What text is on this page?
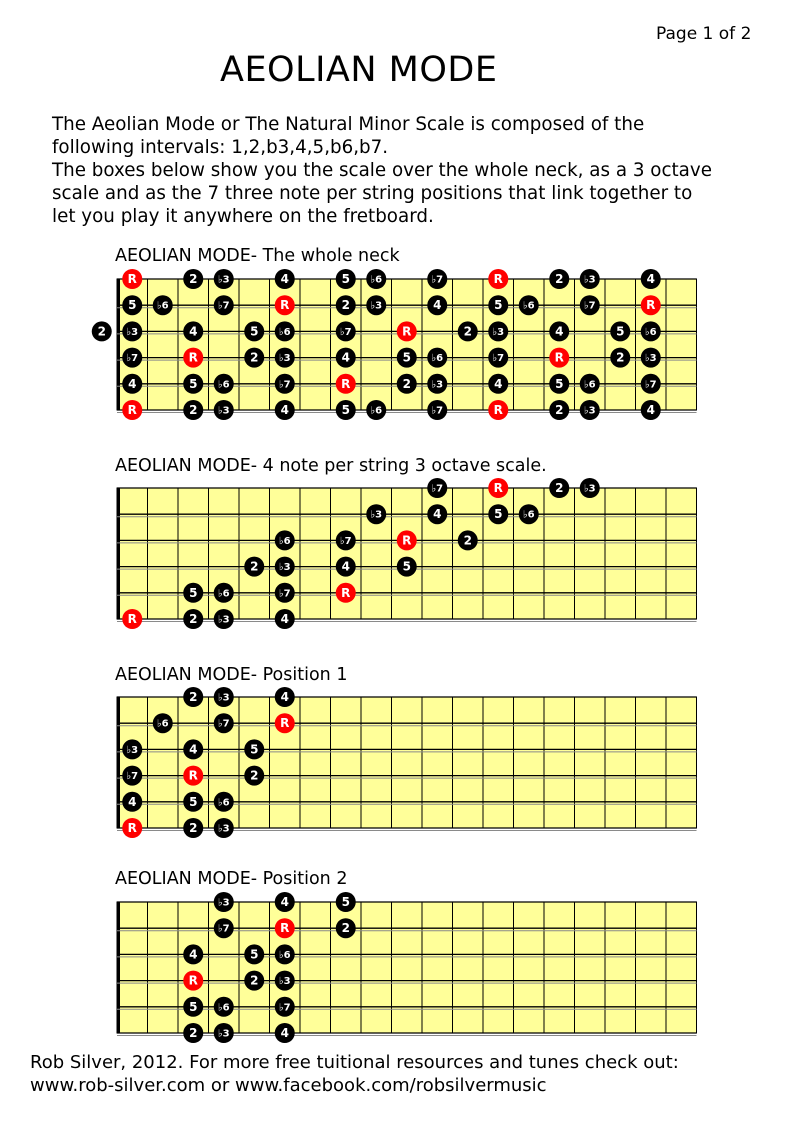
Page 1 of 2
AEOLIAN MODE
The Aeolian Mode or The Natural Minor Scale is composed of the
following intervals: 1,2,b3,4,5,b6,b7.
The boxes below show you the scale over the whole neck, as a 3 octave
scale and as the 7 three note per string positions that link together to
let you play it anywhere on the fretboard.
AEOLIAN MODE- The whole neck
AEOLIAN MODE- 4 note per string 3 octave scale.
AEOLIAN MODE- Position 1
AEOLIAN MODE- Position 2
R	2 ♭3	4	5 ♭6	♭7	R	2 ♭3	4
5 ♭6	♭7	R	2 ♭3	4	5 ♭6	♭7	R
2 ♭3	4	5 ♭6	♭7	R	2 ♭3	4	5 ♭6
♭7	R	2 ♭3	4	5 ♭6	♭7	R	2 ♭3
4	5 ♭6	♭7	R	2 ♭3	4	5 ♭6	♭7
R	2 ♭3	4	5 ♭6	♭7	R	2 ♭3	4
♭7	R	2 ♭3
♭3	4	5 ♭6
♭6	♭7	R	2
2 ♭3	4	5
5 ♭6	♭7	R
R	2 ♭3	4
2 ♭3	4
♭6	♭7	R
♭3	4	5
♭7	R	2
4	5 ♭6
R	2 ♭3
♭3	4	5
♭7	R	2
4	5 ♭6
R	2 ♭3
5 ♭6	♭7
2 ♭3	4
Rob Silver, 2012. For more free tuitional resources and tunes check out:
www.rob-silver.com or www.facebook.com/robsilvermusic
